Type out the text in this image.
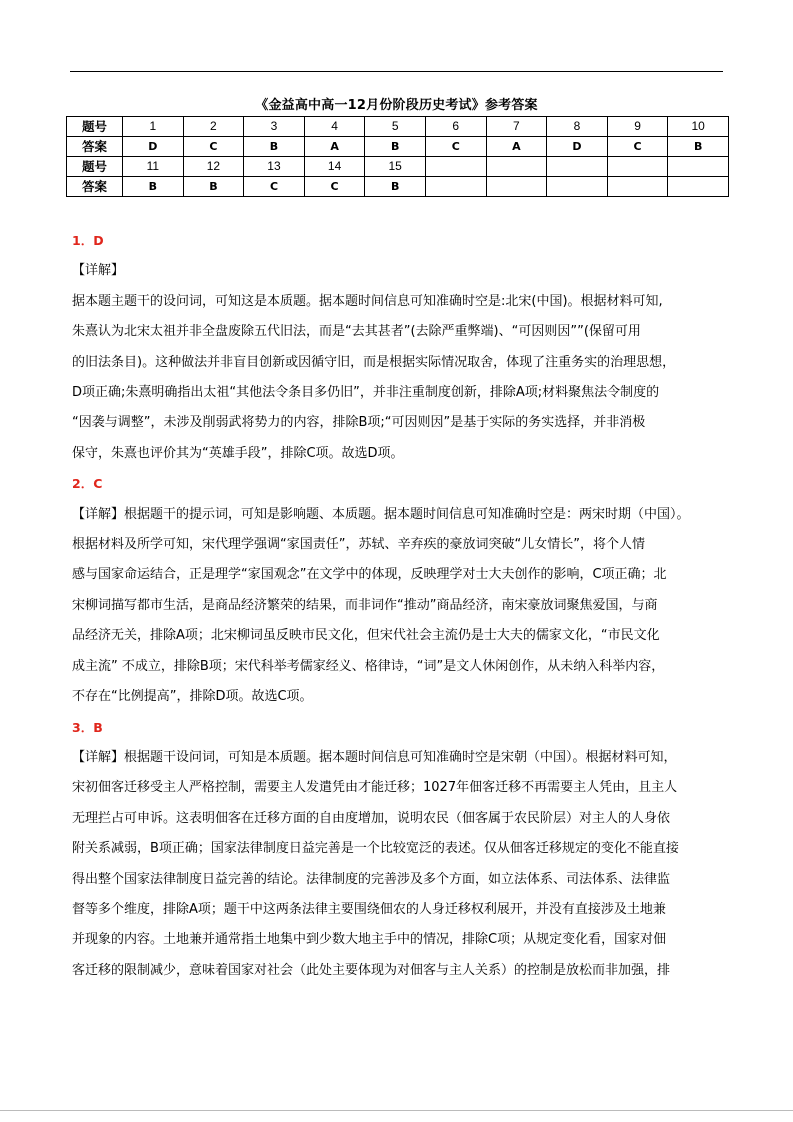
《金益高中高一12月份阶段历史考试》参考答案
题号	1	2	3	4	5	6	7	8	9	10
答案	D	C	B	A	B	C	A	D	C	B
题号	11	12	13	14	15					
答案	B	B	C	C	B					

1．D

【详解】

据本题主题干的设问词，可知这是本质题。据本题时间信息可知准确时空是:北宋(中国)。根据材料可知,

朱熹认为北宋太祖并非全盘废除五代旧法，而是“去其甚者”(去除严重弊端)、“可因则因””(保留可用

的旧法条目)。这种做法并非盲目创新或因循守旧，而是根据实际情况取舍，体现了注重务实的治理思想，

D项正确;朱熹明确指出太祖“其他法令条目多仍旧”，并非注重制度创新，排除A项;材料聚焦法令制度的

“因袭与调整”，未涉及削弱武将势力的内容，排除B项;“可因则因”是基于实际的务实选择，并非消极

保守，朱熹也评价其为“英雄手段”，排除C项。故选D项。

2．C

【详解】根据题干的提示词，可知是影响题、本质题。据本题时间信息可知准确时空是：两宋时期（中国）。

根据材料及所学可知，宋代理学强调“家国责任”，苏轼、辛弃疾的豪放词突破“儿女情长”，将个人情

感与国家命运结合，正是理学“家国观念”在文学中的体现，反映理学对士大夫创作的影响，C项正确；北

宋柳词描写都市生活，是商品经济繁荣的结果，而非词作“推动”商品经济，南宋豪放词聚焦爱国，与商

品经济无关，排除A项；北宋柳词虽反映市民文化，但宋代社会主流仍是士大夫的儒家文化，“市民文化

成主流” 不成立，排除B项；宋代科举考儒家经义、格律诗，“词”是文人休闲创作，从未纳入科举内容，

不存在“比例提高”，排除D项。故选C项。

3．B

【详解】根据题干设问词，可知是本质题。据本题时间信息可知准确时空是宋朝（中国）。根据材料可知，

宋初佃客迁移受主人严格控制，需要主人发遣凭由才能迁移；1027年佃客迁移不再需要主人凭由，且主人

无理拦占可申诉。这表明佃客在迁移方面的自由度增加，说明农民（佃客属于农民阶层）对主人的人身依

附关系减弱，B项正确；国家法律制度日益完善是一个比较宽泛的表述。仅从佃客迁移规定的变化不能直接

得出整个国家法律制度日益完善的结论。法律制度的完善涉及多个方面，如立法体系、司法体系、法律监

督等多个维度，排除A项；题干中这两条法律主要围绕佃农的人身迁移权利展开，并没有直接涉及土地兼

并现象的内容。土地兼并通常指土地集中到少数大地主手中的情况，排除C项；从规定变化看，国家对佃

客迁移的限制减少，意味着国家对社会（此处主要体现为对佃客与主人关系）的控制是放松而非加强，排
